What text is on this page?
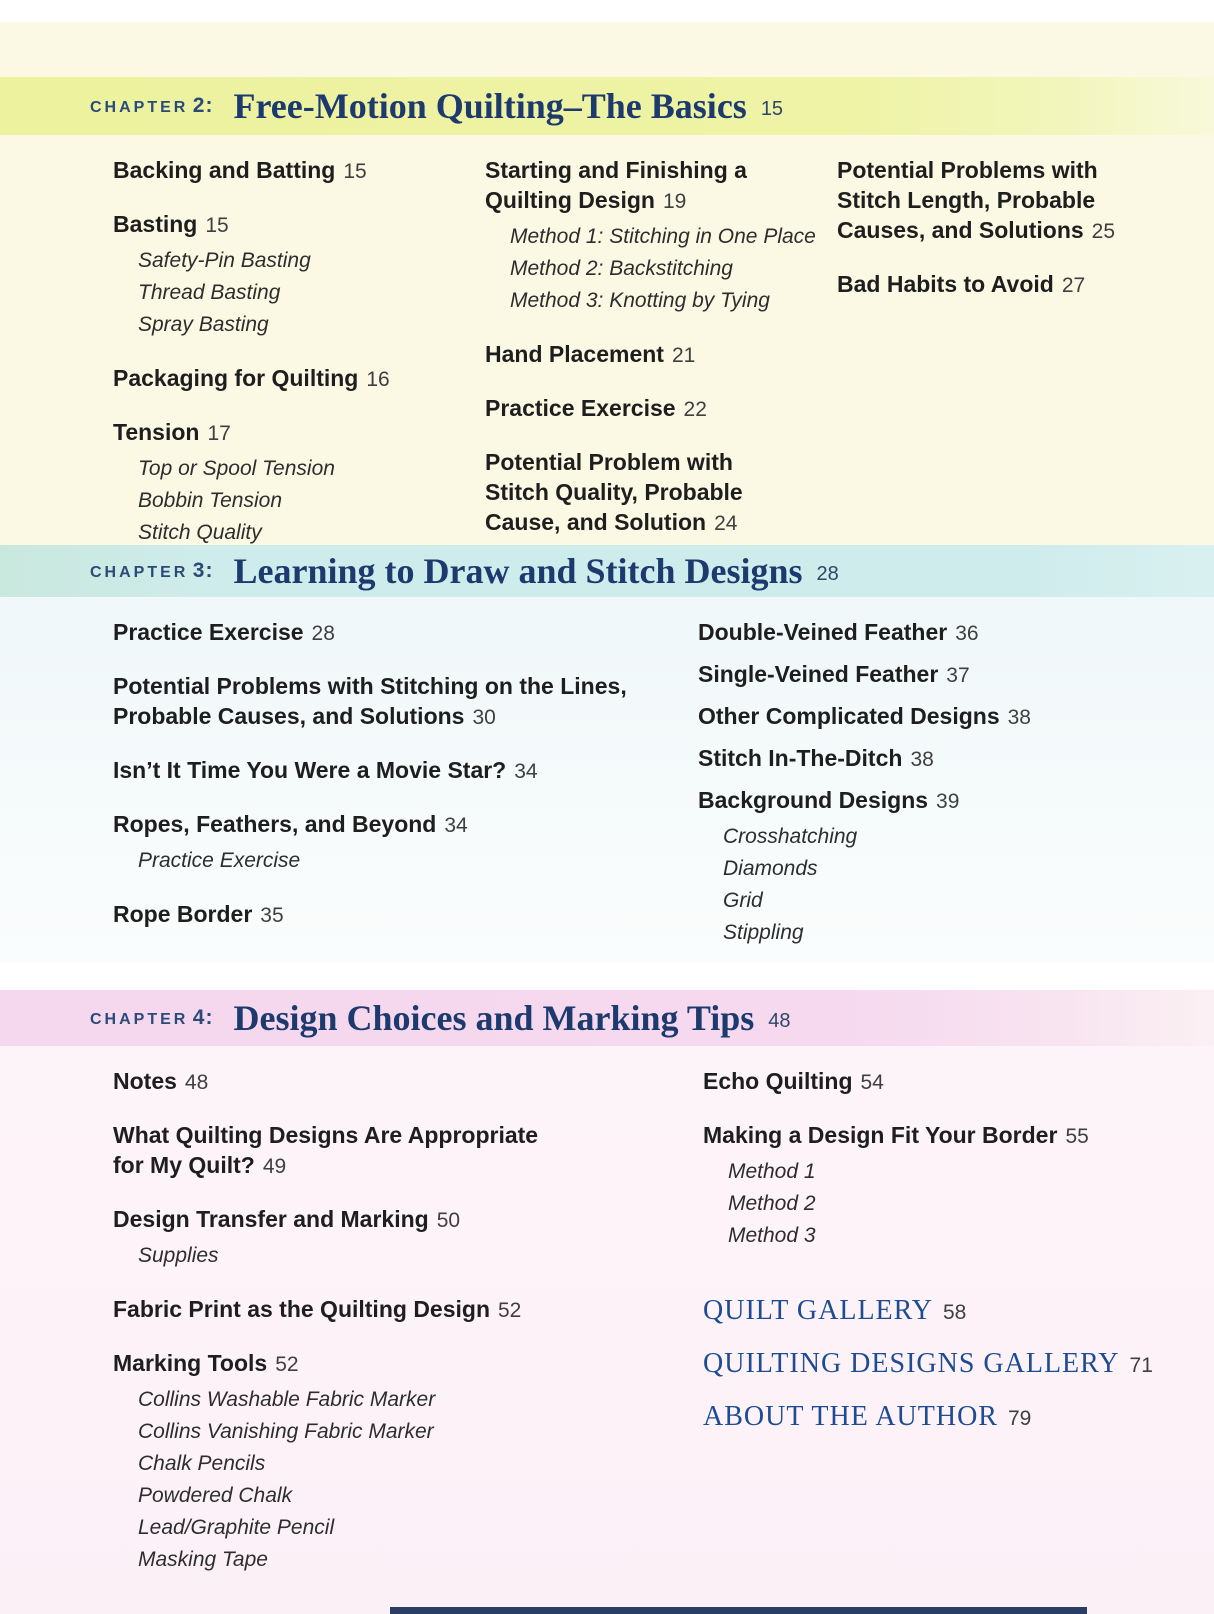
CHAPTER 2: Free-Motion Quilting–The Basics 15
Backing and Batting 15
Basting 15
Safety-Pin Basting
Thread Basting
Spray Basting
Packaging for Quilting 16
Tension 17
Top or Spool Tension
Bobbin Tension
Stitch Quality
Starting and Finishing a Quilting Design 19
Method 1: Stitching in One Place
Method 2: Backstitching
Method 3: Knotting by Tying
Hand Placement 21
Practice Exercise 22
Potential Problem with Stitch Quality, Probable Cause, and Solution 24
Potential Problems with Stitch Length, Probable Causes, and Solutions 25
Bad Habits to Avoid 27
CHAPTER 3: Learning to Draw and Stitch Designs 28
Practice Exercise 28
Potential Problems with Stitching on the Lines, Probable Causes, and Solutions 30
Isn’t It Time You Were a Movie Star? 34
Ropes, Feathers, and Beyond 34
Practice Exercise
Rope Border 35
Double-Veined Feather 36
Single-Veined Feather 37
Other Complicated Designs 38
Stitch In-The-Ditch 38
Background Designs 39
Crosshatching
Diamonds
Grid
Stippling
CHAPTER 4: Design Choices and Marking Tips 48
Notes 48
What Quilting Designs Are Appropriate for My Quilt? 49
Design Transfer and Marking 50
Supplies
Fabric Print as the Quilting Design 52
Marking Tools 52
Collins Washable Fabric Marker
Collins Vanishing Fabric Marker
Chalk Pencils
Powdered Chalk
Lead/Graphite Pencil
Masking Tape
Echo Quilting 54
Making a Design Fit Your Border 55
Method 1
Method 2
Method 3
QUILT GALLERY 58
QUILTING DESIGNS GALLERY 71
ABOUT THE AUTHOR 79
